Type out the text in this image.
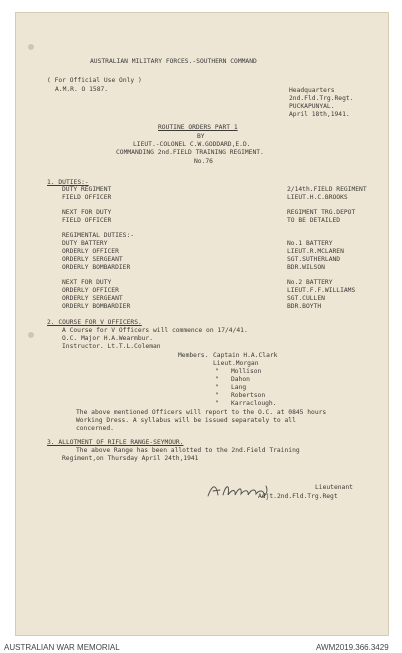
AUSTRALIAN MILITARY FORCES.-SOUTHERN COMMAND
( For Official Use Only )
A.M.R. O 1587.	Headquarters
2nd.Fld.Trg.Regt.
PUCKAPUNYAL.
April 18th,1941.
ROUTINE ORDERS PART 1
BY
LIEUT.-COLONEL C.W.GODDARD,E.D.
COMMANDING 2nd.FIELD TRAINING REGIMENT.
No.76
1. DUTIES:-
DUTY REGIMENT	2/14th.FIELD REGIMENT
FIELD OFFICER	LIEUT.H.C.BROOKS
NEXT FOR DUTY	REGIMENT TRG.DEPOT
FIELD OFFICER	TO BE DETAILED
REGIMENTAL DUTIES:-
DUTY BATTERY	No.1 BATTERY
ORDERLY OFFICER	LIEUT.R.MCLAREN
ORDERLY SERGEANT	SGT.SUTHERLAND
ORDERLY BOMBARDIER	BDR.WILSON
NEXT FOR DUTY	No.2 BATTERY
ORDERLY OFFICER	LIEUT.F.F.WILLIAMS
ORDERLY SERGEANT	SGT.CULLEN
ORDERLY BOMBARDIER	BDR.BOYTH
2. COURSE FOR V OFFICERS.
A Course for V Officers will commence on 17/4/41.
O.C. Major H.A.Wearmbur.
Instructor. Lt.T.L.Coleman
Members. Captain H.A.Clark
Lieut.Morgan
" Mollison
" Dahon
" Lang
" Robertson
" Karraclough.
The above mentioned Officers will report to the O.C. at 0845 hours
Working Dress. A syllabus will be issued separately to all
concerned.
3. ALLOTMENT OF RIFLE RANGE-SEYMOUR.
The above Range has been allotted to the 2nd.Field Training
Regiment,on Thursday April 24th,1941
Lieutenant
Adjt.2nd.Fld.Trg.Regt
AUSTRALIAN WAR MEMORIAL	AWM2019.366.3429
